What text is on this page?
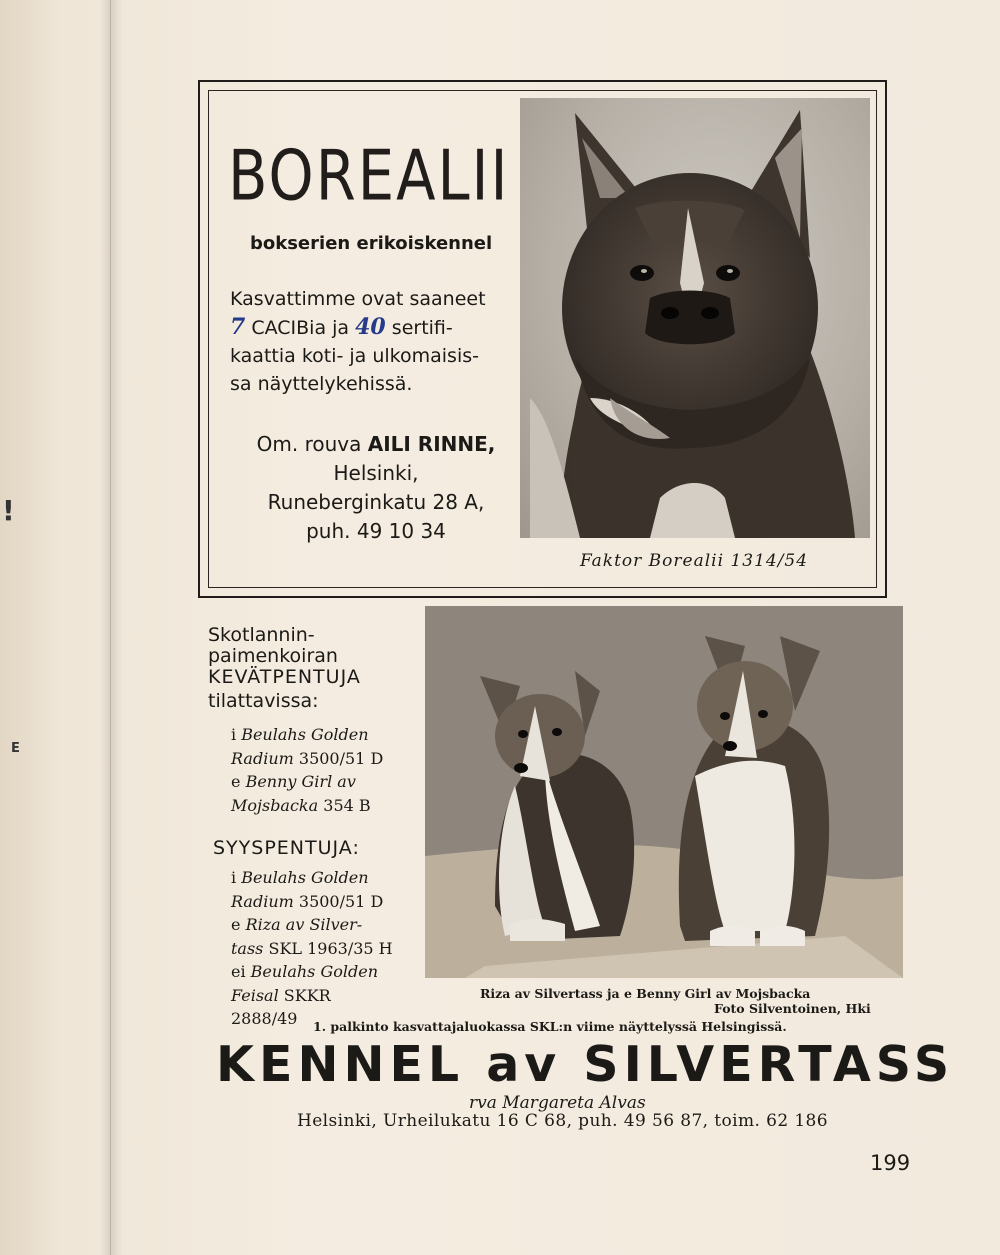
!
E
BOREALII
bokserien erikoiskennel
Kasvattimme ovat saaneet
7 CACIBia ja 40 sertifi-
kaattia koti- ja ulkomaisis-
sa näyttelykehissä.
Om. rouva AILI RINNE,
Helsinki,
Runeberginkatu 28 A,
puh. 49 10 34
Faktor Borealii 1314/54
Skotlannin-
paimenkoiran
KEVÄTPENTUJA
tilattavissa:
i Beulahs Golden
Radium 3500/51 D
e Benny Girl av
Mojsbacka 354 B
SYYSPENTUJA:
i Beulahs Golden
Radium 3500/51 D
e Riza av Silver-
tass SKL 1963/35 H
ei Beulahs Golden
Feisal SKKR
2888/49
Riza av Silvertass ja e Benny Girl av Mojsbacka
Foto Silventoinen, Hki
1. palkinto kasvattajaluokassa SKL:n viime näyttelyssä Helsingissä.
KENNEL av SILVERTASS
rva Margareta Alvas
Helsinki, Urheilukatu 16 C 68, puh. 49 56 87, toim. 62 186
199
